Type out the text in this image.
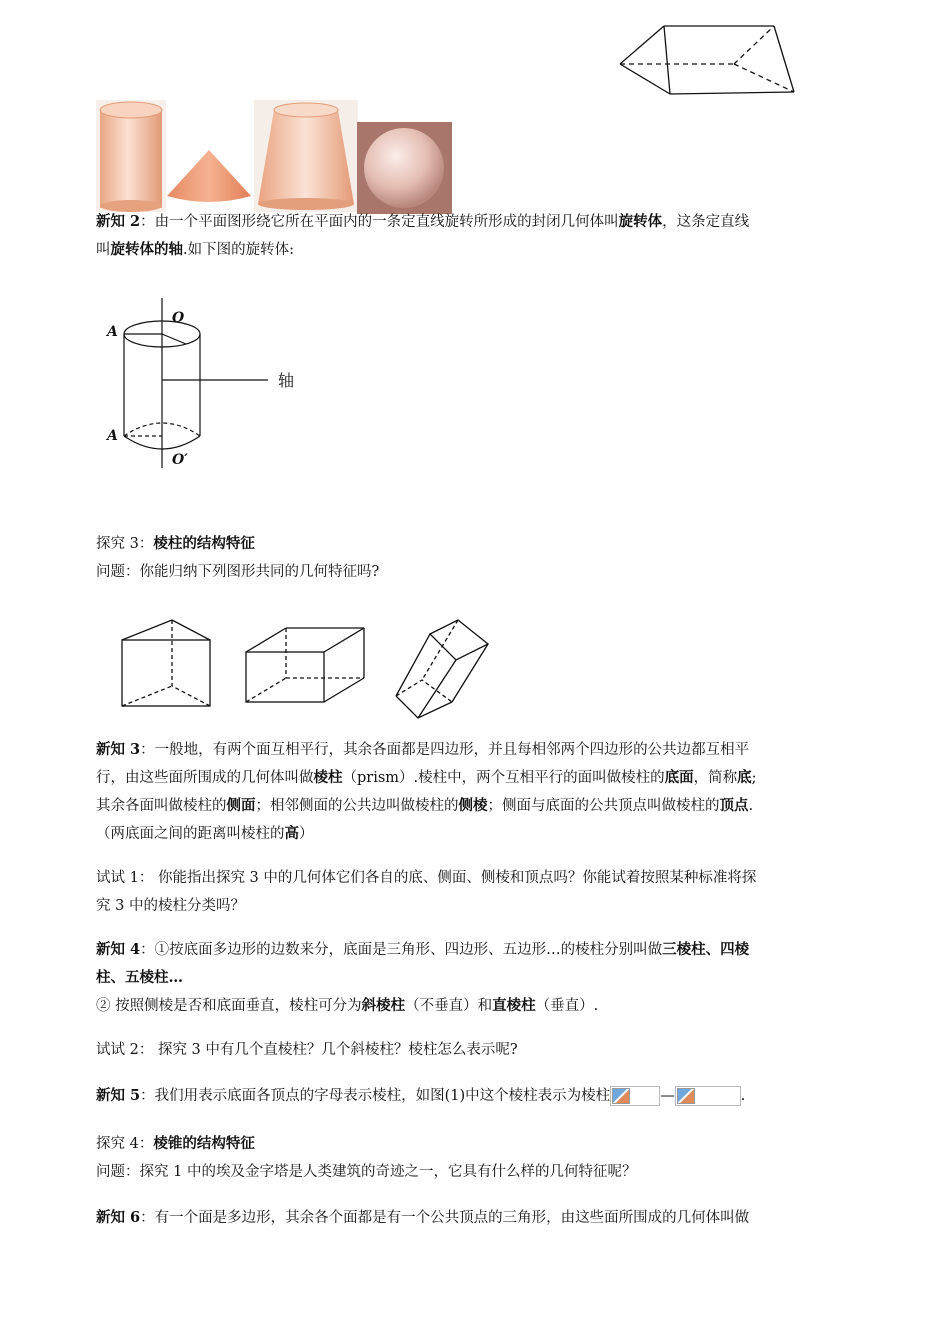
新知 2：由一个平面图形绕它所在平面内的一条定直线旋转所形成的封闭几何体叫旋转体，这条定直线
叫旋转体的轴.如下图的旋转体:
O
A
A
O′
轴
探究 3：棱柱的结构特征
问题：你能归纳下列图形共同的几何特征吗?
新知 3：一般地，有两个面互相平行，其余各面都是四边形，并且每相邻两个四边形的公共边都互相平
行，由这些面所围成的几何体叫做棱柱（prism）.棱柱中，两个互相平行的面叫做棱柱的底面，简称底;
其余各面叫做棱柱的侧面；相邻侧面的公共边叫做棱柱的侧棱；侧面与底面的公共顶点叫做棱柱的顶点.
（两底面之间的距离叫棱柱的高）
试试 1： 你能指出探究 3 中的几何体它们各自的底、侧面、侧棱和顶点吗？你能试着按照某种标准将探
究 3 中的棱柱分类吗？
新知 4：①按底面多边形的边数来分，底面是三角形、四边形、五边形…的棱柱分别叫做三棱柱、四棱
柱、五棱柱…
② 按照侧棱是否和底面垂直，棱柱可分为斜棱柱（不垂直）和直棱柱（垂直）.
试试 2： 探究 3 中有几个直棱柱？几个斜棱柱？棱柱怎么表示呢?
新知 5：我们用表示底面各顶点的字母表示棱柱，如图(1)中这个棱柱表示为棱柱	—	.
探究 4：棱锥的结构特征
问题：探究 1 中的埃及金字塔是人类建筑的奇迹之一，它具有什么样的几何特征呢？
新知 6：有一个面是多边形，其余各个面都是有一个公共顶点的三角形，由这些面所围成的几何体叫做
